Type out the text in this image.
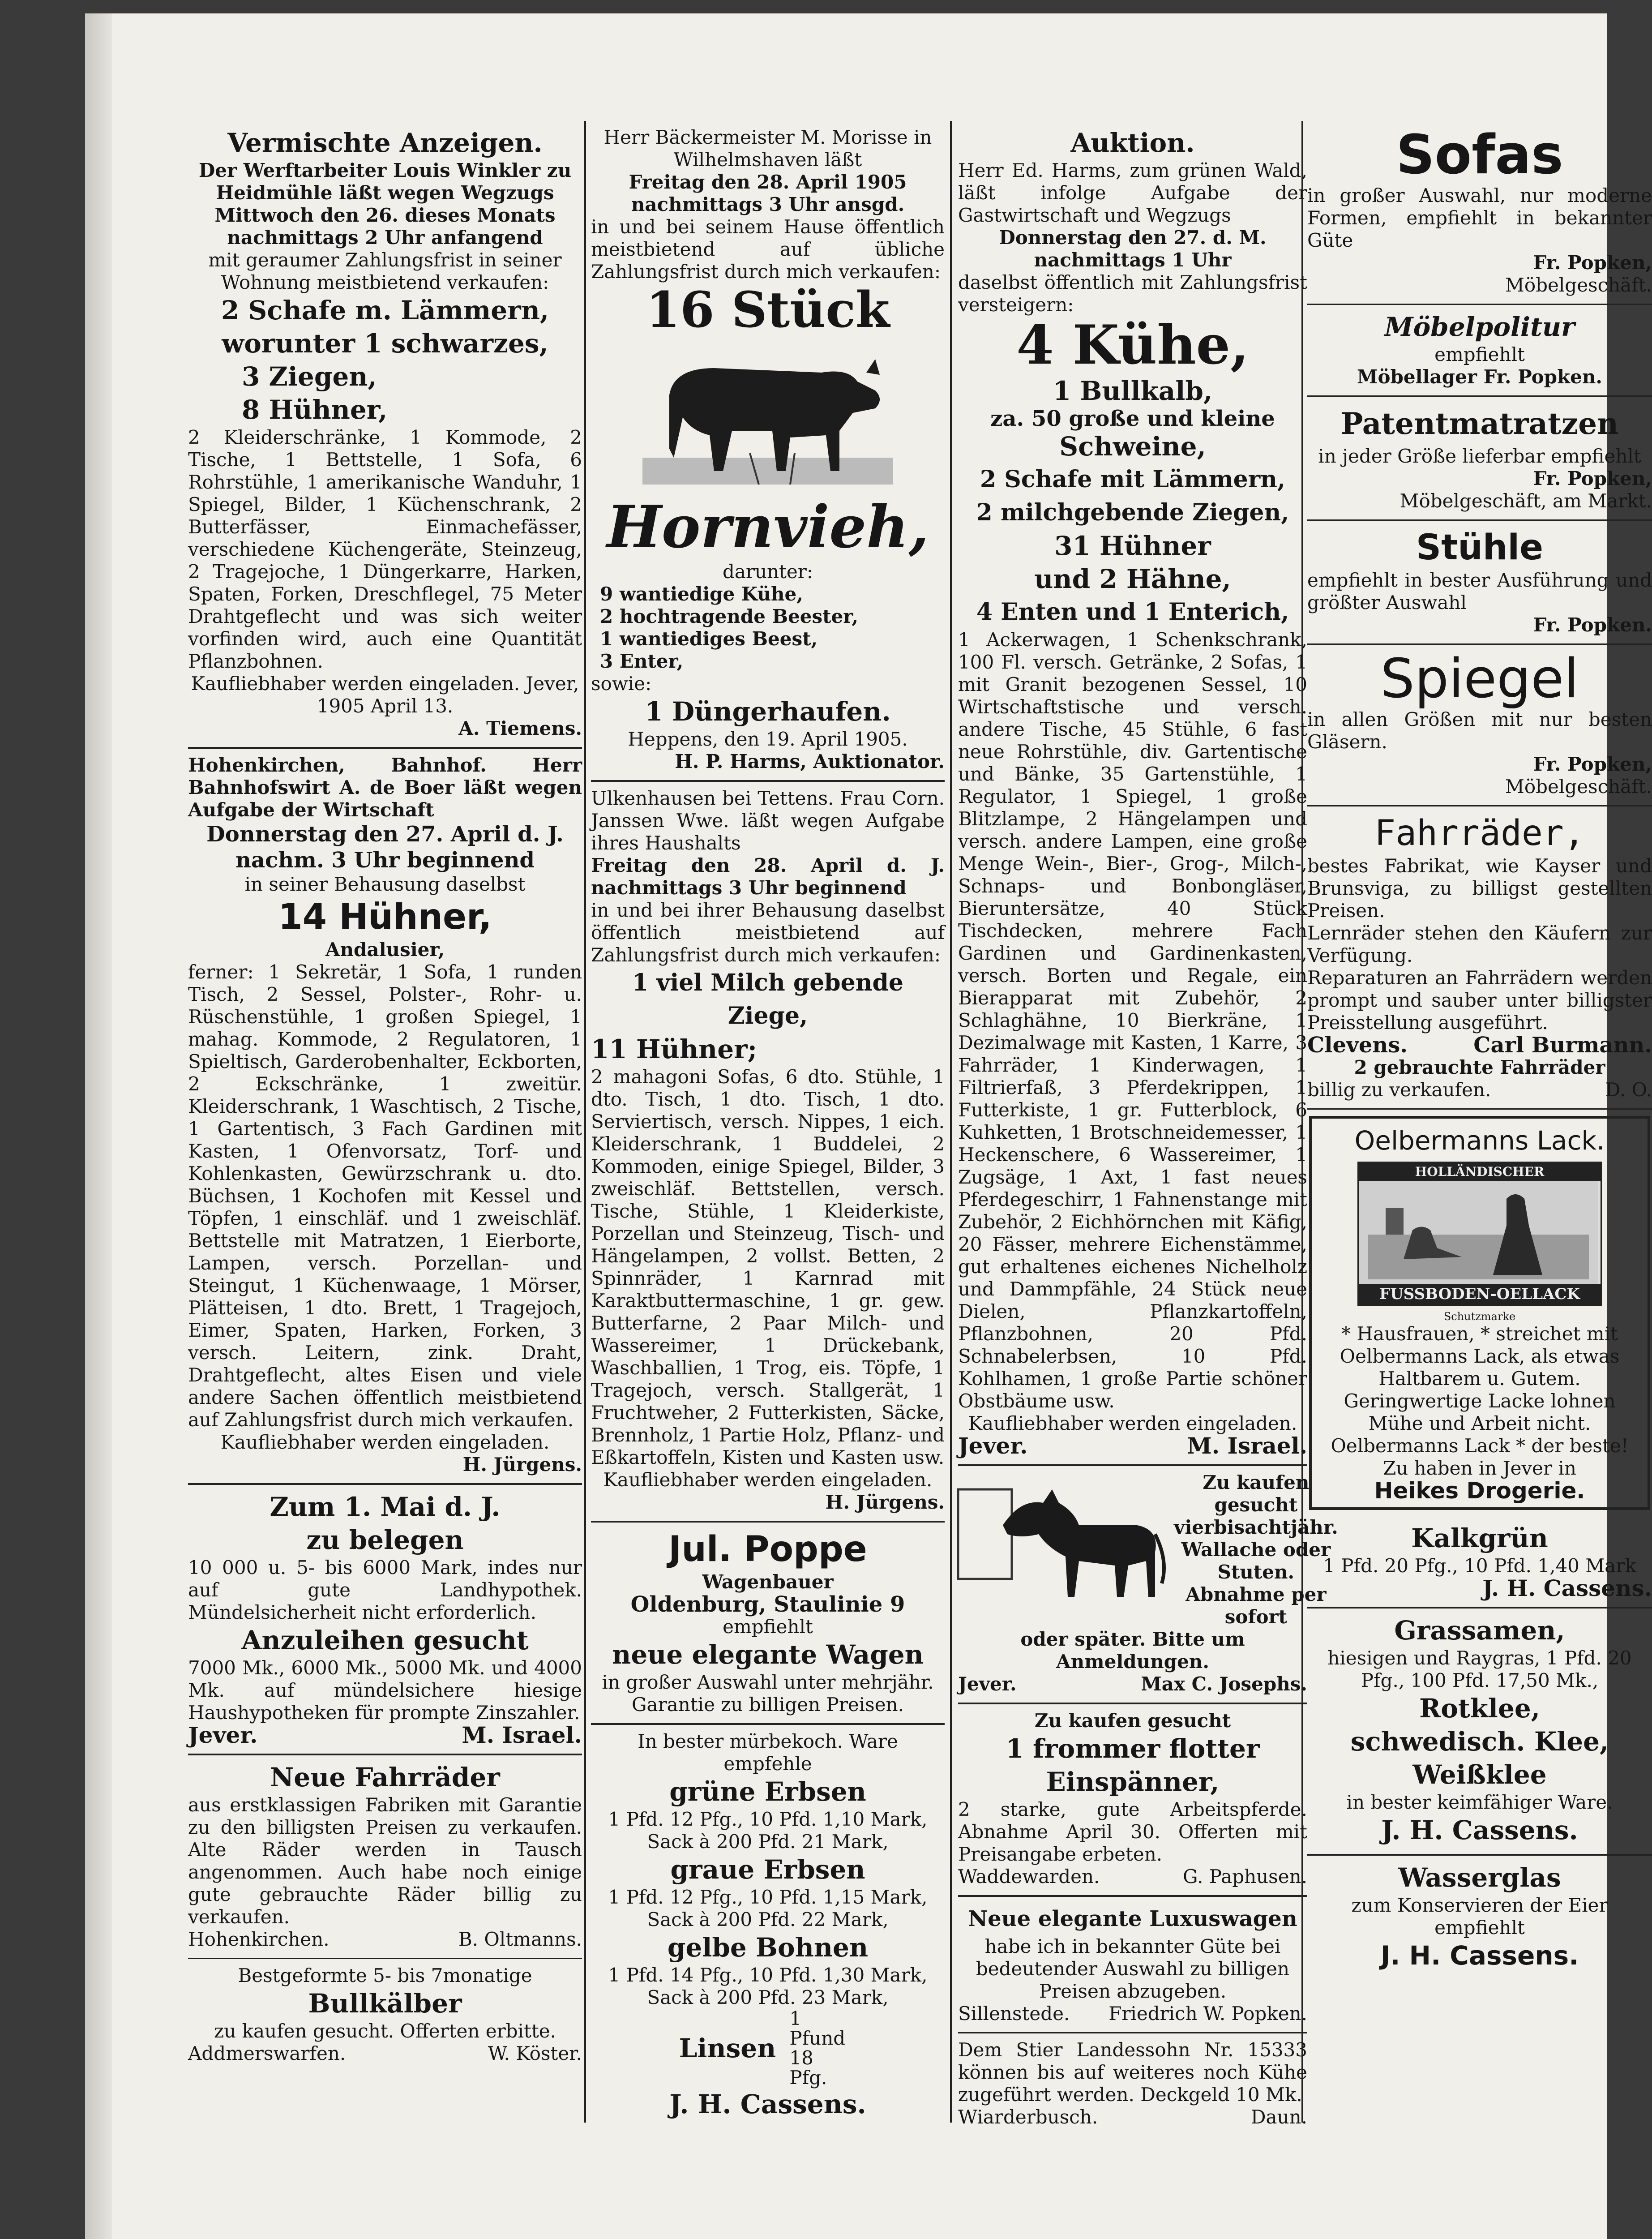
Vermischte Anzeigen.

Der Werftarbeiter Louis Winkler zu Heidmühle läßt wegen Wegzugs Mittwoch den 26. dieses Monats nachmittags 2 Uhr anfangend

mit geraumer Zahlungsfrist in seiner Wohnung meistbietend verkaufen:

2 Schafe m. Lämmern,
worunter 1 schwarzes,
3 Ziegen,
8 Hühner,

2 Kleiderschränke, 1 Kommode, 2 Tische, 1 Bettstelle, 1 Sofa, 6 Rohrstühle, 1 amerikanische Wanduhr, 1 Spiegel, Bilder, 1 Küchenschrank, 2 Butterfässer, Einmachefässer, verschiedene Küchengeräte, Steinzeug, 2 Tragejoche, 1 Düngerkarre, Harken, Spaten, Forken, Dreschflegel, 75 Meter Drahtgeflecht und was sich weiter vorfinden wird, auch eine Quantität Pflanzbohnen.

Kaufliebhaber werden eingeladen. Jever, 1905 April 13.

A. Tiemens.

Hohenkirchen, Bahnhof. Herr Bahnhofswirt A. de Boer läßt wegen Aufgabe der Wirtschaft

Donnerstag den 27. April d. J. nachm. 3 Uhr beginnend

in seiner Behausung daselbst

14 Hühner,
Andalusier,

ferner: 1 Sekretär, 1 Sofa, 1 runden Tisch, 2 Sessel, Polster-, Rohr- u. Rüschenstühle, 1 großen Spiegel, 1 mahag. Kommode, 2 Regulatoren, 1 Spieltisch, Garderobenhalter, Eckborten, 2 Eckschränke, 1 zweitür. Kleiderschrank, 1 Waschtisch, 2 Tische, 1 Gartentisch, 3 Fach Gardinen mit Kasten, 1 Ofenvorsatz, Torf- und Kohlenkasten, Gewürzschrank u. dto. Büchsen, 1 Kochofen mit Kessel und Töpfen, 1 einschläf. und 1 zweischläf. Bettstelle mit Matratzen, 1 Eierborte, Lampen, versch. Porzellan- und Steingut, 1 Küchenwaage, 1 Mörser, Plätteisen, 1 dto. Brett, 1 Tragejoch, Eimer, Spaten, Harken, Forken, 3 versch. Leitern, zink. Draht, Drahtgeflecht, altes Eisen und viele andere Sachen öffentlich meistbietend auf Zahlungsfrist durch mich verkaufen.

Kaufliebhaber werden eingeladen.

H. Jürgens.
Zum 1. Mai d. J.
zu belegen

10 000 u. 5- bis 6000 Mark, indes nur auf gute Landhypothek. Mündelsicherheit nicht erforderlich.

Anzuleihen gesucht

7000 Mk., 6000 Mk., 5000 Mk. und 4000 Mk. auf mündelsichere hiesige Haushypotheken für prompte Zinszahler.

Jever.	M. Israel.
Neue Fahrräder

aus erstklassigen Fabriken mit Garantie zu den billigsten Preisen zu verkaufen. Alte Räder werden in Tausch angenommen. Auch habe noch einige gute gebrauchte Räder billig zu verkaufen.

Hohenkirchen.	B. Oltmanns.

Bestgeformte 5- bis 7monatige

Bullkälber

zu kaufen gesucht. Offerten erbitte.

Addmerswarfen.	W. Köster.

Herr Bäckermeister M. Morisse in Wilhelmshaven läßt

Freitag den 28. April 1905 nachmittags 3 Uhr ansgd.

in und bei seinem Hause öffentlich meistbietend auf übliche Zahlungsfrist durch mich verkaufen:

16 Stück
Hornvieh,
darunter:
9 wantiedige Kühe,
2 hochtragende Beester,
1 wantiediges Beest,
3 Enter,
sowie:
1 Düngerhaufen.
Heppens, den 19. April 1905.
H. P. Harms, Auktionator.

Ulkenhausen bei Tettens. Frau Corn. Janssen Wwe. läßt wegen Aufgabe ihres Haushalts

Freitag den 28. April d. J. nachmittags 3 Uhr beginnend

in und bei ihrer Behausung daselbst öffentlich meistbietend auf Zahlungsfrist durch mich verkaufen:

1 viel Milch gebende Ziege,
11 Hühner;

2 mahagoni Sofas, 6 dto. Stühle, 1 dto. Tisch, 1 dto. Tisch, 1 dto. Serviertisch, versch. Nippes, 1 eich. Kleiderschrank, 1 Buddelei, 2 Kommoden, einige Spiegel, Bilder, 3 zweischläf. Bettstellen, versch. Tische, Stühle, 1 Kleiderkiste, Porzellan und Steinzeug, Tisch- und Hängelampen, 2 vollst. Betten, 2 Spinnräder, 1 Karnrad mit Karaktbuttermaschine, 1 gr. gew. Butterfarne, 2 Paar Milch- und Wassereimer, 1 Drückebank, Waschballien, 1 Trog, eis. Töpfe, 1 Tragejoch, versch. Stallgerät, 1 Fruchtweher, 2 Futterkisten, Säcke, Brennholz, 1 Partie Holz, Pflanz- und Eßkartoffeln, Kisten und Kasten usw.

Kaufliebhaber werden eingeladen.

H. Jürgens.
Jul. Poppe
Wagenbauer
Oldenburg, Staulinie 9
empfiehlt
neue elegante Wagen

in großer Auswahl unter mehrjähr. Garantie zu billigen Preisen.

In bester mürbekoch. Ware empfehle
grüne Erbsen

1 Pfd. 12 Pfg., 10 Pfd. 1,10 Mark, Sack à 200 Pfd. 21 Mark,

graue Erbsen

1 Pfd. 12 Pfg., 10 Pfd. 1,15 Mark, Sack à 200 Pfd. 22 Mark,

gelbe Bohnen

1 Pfd. 14 Pfg., 10 Pfd. 1,30 Mark, Sack à 200 Pfd. 23 Mark,

Linsen
1 Pfund 18 Pfg.
J. H. Cassens.
Auktion.

Herr Ed. Harms, zum grünen Wald, läßt infolge Aufgabe der Gastwirtschaft und Wegzugs

Donnerstag den 27. d. M. nachmittags 1 Uhr

daselbst öffentlich mit Zahlungsfrist versteigern:

4 Kühe,
1 Bullkalb,
za. 50 große und kleine
Schweine,
2 Schafe mit Lämmern,
2 milchgebende Ziegen,
31 Hühner
und 2 Hähne,
4 Enten und 1 Enterich,

1 Ackerwagen, 1 Schenkschrank, 100 Fl. versch. Getränke, 2 Sofas, 1 mit Granit bezogenen Sessel, 10 Wirtschaftstische und versch. andere Tische, 45 Stühle, 6 fast neue Rohrstühle, div. Gartentische und Bänke, 35 Gartenstühle, 1 Regulator, 1 Spiegel, 1 große Blitzlampe, 2 Hängelampen und versch. andere Lampen, eine große Menge Wein-, Bier-, Grog-, Milch-, Schnaps- und Bonbongläser, Bieruntersätze, 40 Stück Tischdecken, mehrere Fach Gardinen und Gardinenkasten, versch. Borten und Regale, ein Bierapparat mit Zubehör, 2 Schlaghähne, 10 Bierkräne, 1 Dezimalwage mit Kasten, 1 Karre, 3 Fahrräder, 1 Kinderwagen, 1 Filtrierfaß, 3 Pferdekrippen, 1 Futterkiste, 1 gr. Futterblock, 6 Kuhketten, 1 Brotschneidemesser, 1 Heckenschere, 6 Wassereimer, 1 Zugsäge, 1 Axt, 1 fast neues Pferdegeschirr, 1 Fahnenstange mit Zubehör, 2 Eichhörnchen mit Käfig, 20 Fässer, mehrere Eichenstämme, gut erhaltenes eichenes Nichelholz und Dammpfähle, 24 Stück neue Dielen, Pflanzkartoffeln, Pflanzbohnen, 20 Pfd. Schnabelerbsen, 10 Pfd. Kohlhamen, 1 große Partie schöner Obstbäume usw.

Kaufliebhaber werden eingeladen.

Jever.	M. Israel.

Zu kaufen gesucht vierbisachtjähr. Wallache oder Stuten.

Abnahme per sofort

oder später. Bitte um Anmeldungen.

Jever.	Max C. Josephs.
Zu kaufen gesucht
1 frommer flotter Einspänner,

2 starke, gute Arbeitspferde. Abnahme April 30. Offerten mit Preisangabe erbeten.

Waddewarden.	G. Paphusen.
Neue elegante Luxuswagen

habe ich in bekannter Güte bei bedeutender Auswahl zu billigen Preisen abzugeben.

Sillenstede. Friedrich W. Popken.

Dem Stier Landessohn Nr. 15333 können bis auf weiteres noch Kühe zugeführt werden. Deckgeld 10 Mk.

Wiarderbusch.	Daun.
Sofas

in großer Auswahl, nur moderne Formen, empfiehlt in bekannter Güte

Fr. Popken,
Möbelgeschäft.
Möbelpolitur
empfiehlt
Möbellager Fr. Popken.
Patentmatratzen

in jeder Größe lieferbar empfiehlt

Fr. Popken,
Möbelgeschäft, am Markt.
Stühle

empfiehlt in bester Ausführung und größter Auswahl

Fr. Popken.
Spiegel

in allen Größen mit nur besten Gläsern.

Fr. Popken,
Möbelgeschäft.
Fahrräder,

bestes Fabrikat, wie Kayser und Brunsviga, zu billigst gestellten Preisen.

Lernräder stehen den Käufern zur Verfügung.

Reparaturen an Fahrrädern werden prompt und sauber unter billigster Preisstellung ausgeführt.

Clevens.	Carl Burmann.
2 gebrauchte Fahrräder
billig zu verkaufen.	D. O.
Oelbermanns Lack.
HOLLÄNDISCHER
FUSSBODEN-OELLACK
Schutzmarke

* Hausfrauen, * streichet mit Oelbermanns Lack, als etwas Haltbarem u. Gutem. Geringwertige Lacke lohnen Mühe und Arbeit nicht. Oelbermanns Lack * der beste!

Zu haben in Jever in

Heikes Drogerie.
Kalkgrün

1 Pfd. 20 Pfg., 10 Pfd. 1,40 Mark

J. H. Cassens.
Grassamen,

hiesigen und Raygras, 1 Pfd. 20 Pfg., 100 Pfd. 17,50 Mk.,

Rotklee,
schwedisch. Klee,
Weißklee

in bester keimfähiger Ware.

J. H. Cassens.
Wasserglas

zum Konservieren der Eier empfiehlt

J. H. Cassens.
